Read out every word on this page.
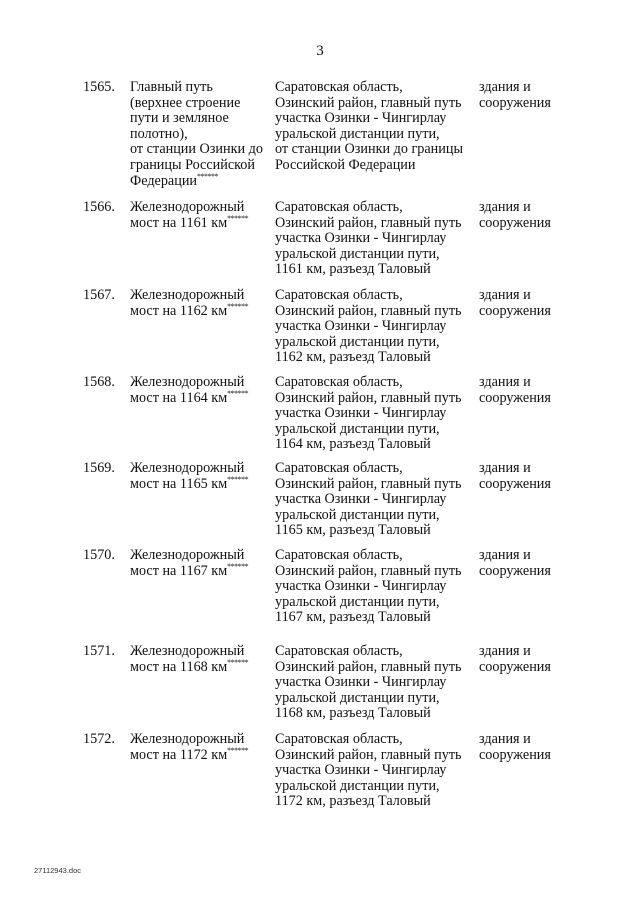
3
1565. Главный путь
(верхнее строение
пути и земляное
полотно),
от станции Озинки до
границы Российской
Федерации******
Саратовская область,
Озинский район, главный путь
участка Озинки - Чингирлау
уральской дистанции пути,
от станции Озинки до границы
Российской Федерации
здания и
сооружения
1566. Железнодорожный
мост на 1161 км******
Саратовская область,
Озинский район, главный путь
участка Озинки - Чингирлау
уральской дистанции пути,
1161 км, разъезд Таловый
здания и
сооружения
1567. Железнодорожный
мост на 1162 км******
Саратовская область,
Озинский район, главный путь
участка Озинки - Чингирлау
уральской дистанции пути,
1162 км, разъезд Таловый
здания и
сооружения
1568. Железнодорожный
мост на 1164 км******
Саратовская область,
Озинский район, главный путь
участка Озинки - Чингирлау
уральской дистанции пути,
1164 км, разъезд Таловый
здания и
сооружения
1569. Железнодорожный
мост на 1165 км******
Саратовская область,
Озинский район, главный путь
участка Озинки - Чингирлау
уральской дистанции пути,
1165 км, разъезд Таловый
здания и
сооружения
1570. Железнодорожный
мост на 1167 км******
Саратовская область,
Озинский район, главный путь
участка Озинки - Чингирлау
уральской дистанции пути,
1167 км, разъезд Таловый
здания и
сооружения
1571. Железнодорожный
мост на 1168 км******
Саратовская область,
Озинский район, главный путь
участка Озинки - Чингирлау
уральской дистанции пути,
1168 км, разъезд Таловый
здания и
сооружения
1572. Железнодорожный
мост на 1172 км******
Саратовская область,
Озинский район, главный путь
участка Озинки - Чингирлау
уральской дистанции пути,
1172 км, разъезд Таловый
здания и
сооружения
27112943.doc
